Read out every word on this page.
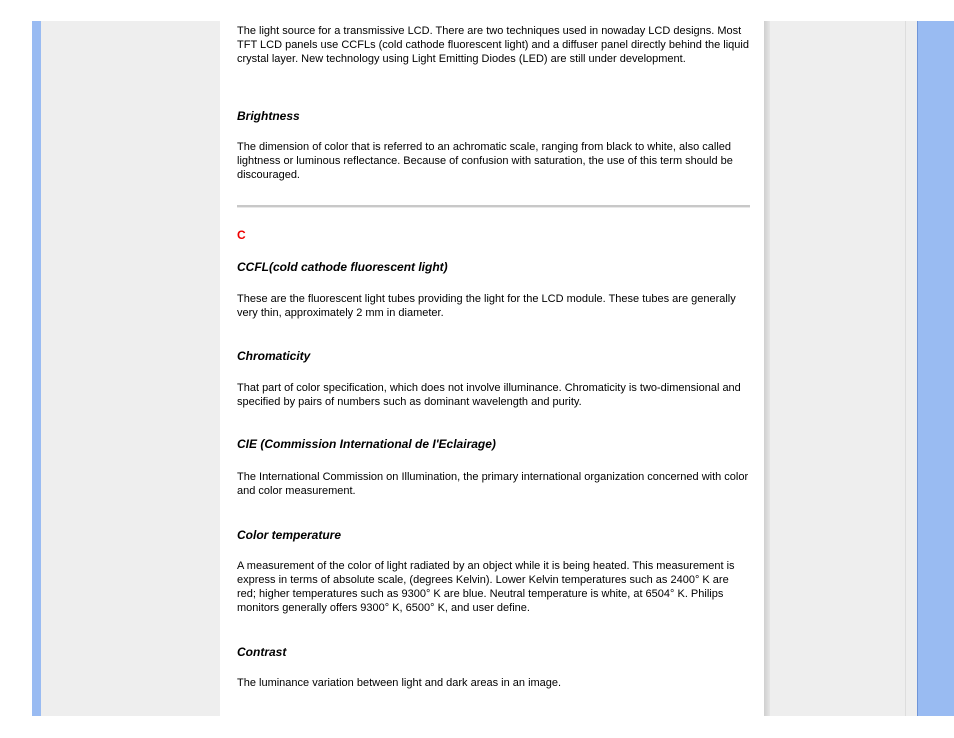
The light source for a transmissive LCD. There are two techniques used in nowaday LCD designs. Most TFT LCD panels use CCFLs (cold cathode fluorescent light) and a diffuser panel directly behind the liquid crystal layer. New technology using Light Emitting Diodes (LED) are still under development.

Brightness

The dimension of color that is referred to an achromatic scale, ranging from black to white, also called lightness or luminous reflectance. Because of confusion with saturation, the use of this term should be discouraged.

C

CCFL(cold cathode fluorescent light)

These are the fluorescent light tubes providing the light for the LCD module. These tubes are generally very thin, approximately 2 mm in diameter.

Chromaticity

That part of color specification, which does not involve illuminance. Chromaticity is two-dimensional and specified by pairs of numbers such as dominant wavelength and purity.

CIE (Commission International de I'Eclairage)

The International Commission on Illumination, the primary international organization concerned with color and color measurement.

Color temperature

A measurement of the color of light radiated by an object while it is being heated. This measurement is express in terms of absolute scale, (degrees Kelvin). Lower Kelvin temperatures such as 2400° K are red; higher temperatures such as 9300° K are blue. Neutral temperature is white, at 6504° K. Philips monitors generally offers 9300° K, 6500° K, and user define.

Contrast

The luminance variation between light and dark areas in an image.
